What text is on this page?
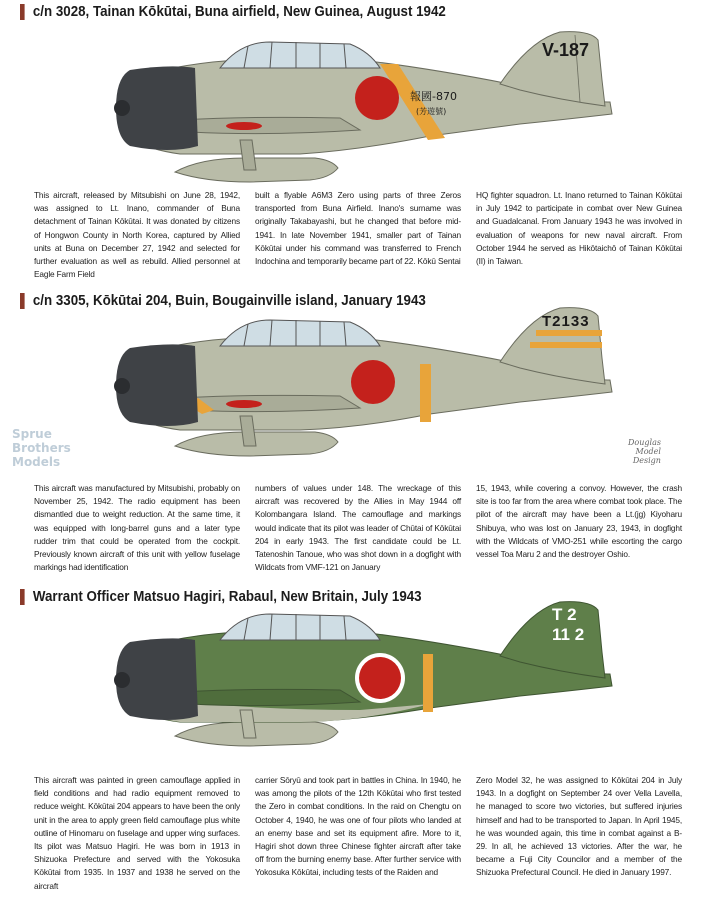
c/n 3028, Tainan Kōkūtai, Buna airfield, New Guinea, August 1942
V-187
報國-870
(芳遊號)
This aircraft, released by Mitsubishi on June 28, 1942, was assigned to Lt. Inano, commander of Buna detachment of Tainan Kōkūtai. It was donated by citizens of Hongwon County in North Korea, captured by Allied units at Buna on December 27, 1942 and selected for further evaluation as well as rebuild. Allied personnel at Eagle Farm Field
built a flyable A6M3 Zero using parts of three Zeros transported from Buna Airfield. Inano's surname was originally Takabayashi, but he changed that before mid-1941. In late November 1941, smaller part of Tainan Kōkūtai under his command was transferred to French Indochina and temporarily became part of 22. Kōkū Sentai
HQ fighter squadron. Lt. Inano returned to Tainan Kōkūtai in July 1942 to participate in combat over New Guinea and Guadalcanal. From January 1943 he was involved in evaluation of weapons for new naval aircraft. From October 1944 he served as Hikōtaichō of Tainan Kōkūtai (II) in Taiwan.
c/n 3305, Kōkūtai 204, Buin, Bougainville island, January 1943
T2133
Sprue
Brothers
Models
Douglas
Model
Design
This aircraft was manufactured by Mitsubishi, probably on November 25, 1942. The radio equipment has been dismantled due to weight reduction. At the same time, it was equipped with long-barrel guns and a later type rudder trim that could be operated from the cockpit. Previously known aircraft of this unit with yellow fuselage markings had identification
numbers of values under 148. The wreckage of this aircraft was recovered by the Allies in May 1944 off Kolombangara Island. The camouflage and markings would indicate that its pilot was leader of Chūtai of Kōkūtai 204 in early 1943. The first candidate could be Lt. Tatenoshin Tanoue, who was shot down in a dogfight with Wildcats from VMF-121 on January
15, 1943, while covering a convoy. However, the crash site is too far from the area where combat took place. The pilot of the aircraft may have been a Lt.(jg) Kiyoharu Shibuya, who was lost on January 23, 1943, in dogfight with the Wildcats of VMO-251 while escorting the cargo vessel Toa Maru 2 and the destroyer Oshio.
Warrant Officer Matsuo Hagiri, Rabaul, New Britain, July 1943
T 2
11 2
This aircraft was painted in green camouflage applied in field conditions and had radio equipment removed to reduce weight. Kōkūtai 204 appears to have been the only unit in the area to apply green field camouflage plus white outline of Hinomaru on fuselage and upper wing surfaces. Its pilot was Matsuo Hagiri. He was born in 1913 in Shizuoka Prefecture and served with the Yokosuka Kōkūtai from 1935. In 1937 and 1938 he served on the aircraft
carrier Sōryū and took part in battles in China. In 1940, he was among the pilots of the 12th Kōkūtai who first tested the Zero in combat conditions. In the raid on Chengtu on October 4, 1940, he was one of four pilots who landed at an enemy base and set its equipment afire. More to it, Hagiri shot down three Chinese fighter aircraft after take off from the burning enemy base. After further service with Yokosuka Kōkūtai, including tests of the Raiden and
Zero Model 32, he was assigned to Kōkūtai 204 in July 1943. In a dogfight on September 24 over Vella Lavella, he managed to score two victories, but suffered injuries himself and had to be transported to Japan. In April 1945, he was wounded again, this time in combat against a B-29. In all, he achieved 13 victories. After the war, he became a Fuji City Councilor and a member of the Shizuoka Prefectural Council. He died in January 1997.
